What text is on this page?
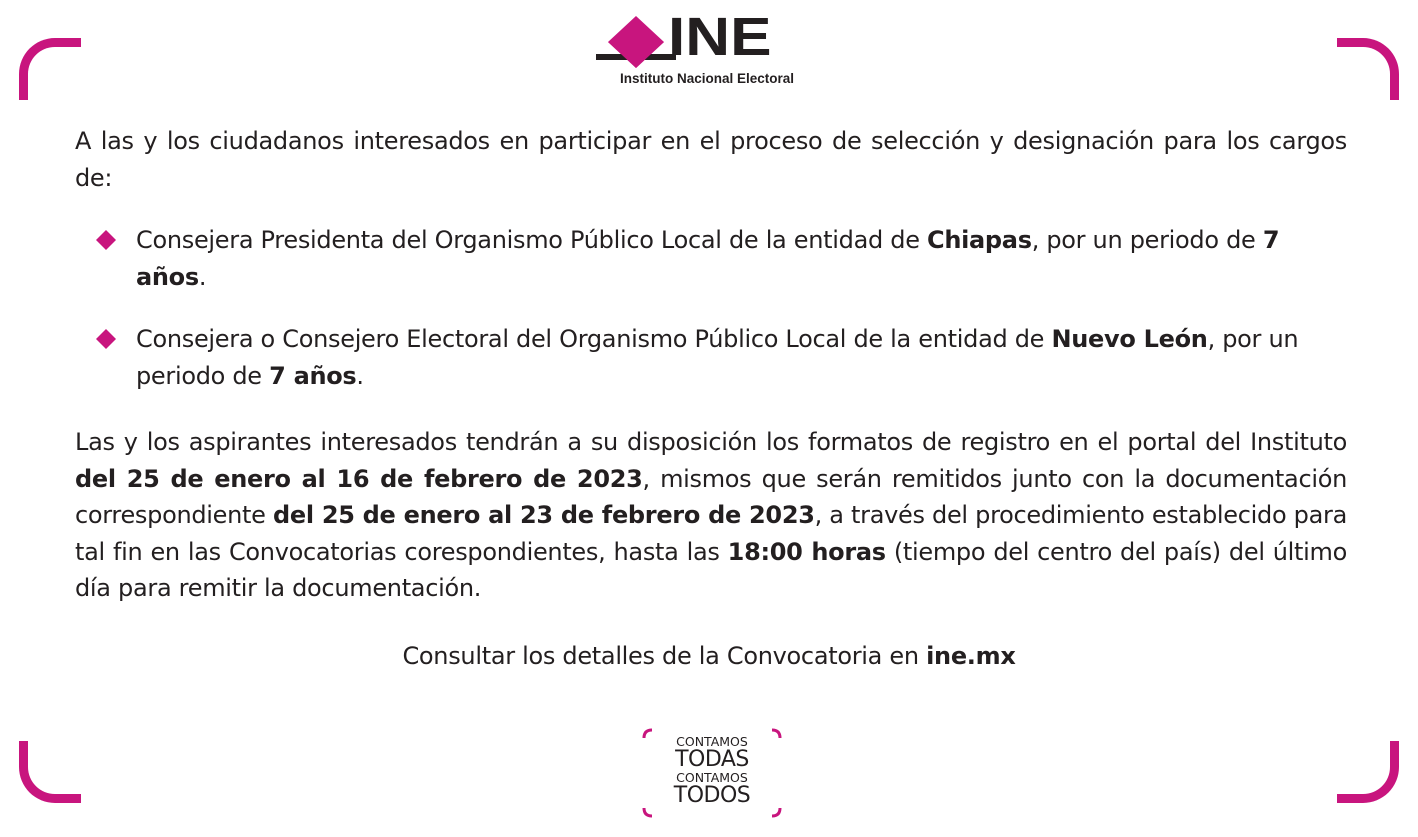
INE
Instituto Nacional Electoral

A las y los ciudadanos interesados en participar en el proceso de selección y designación para los cargos de:

Consejera Presidenta del Organismo Público Local de la entidad de Chiapas, por un periodo de 7 años.

Consejera o Consejero Electoral del Organismo Público Local de la entidad de Nuevo León, por un periodo de 7 años.

Las y los aspirantes interesados tendrán a su disposición los formatos de registro en el portal del Instituto del 25 de enero al 16 de febrero de 2023, mismos que serán remitidos junto con la documentación correspondiente del 25 de enero al 23 de febrero de 2023, a través del procedimiento establecido para tal fin en las Convocatorias corespondientes, hasta las 18:00 horas (tiempo del centro del país) del último día para remitir la documentación.

Consultar los detalles de la Convocatoria en ine.mx
CONTAMOS
TODAS
CONTAMOS
TODOS
